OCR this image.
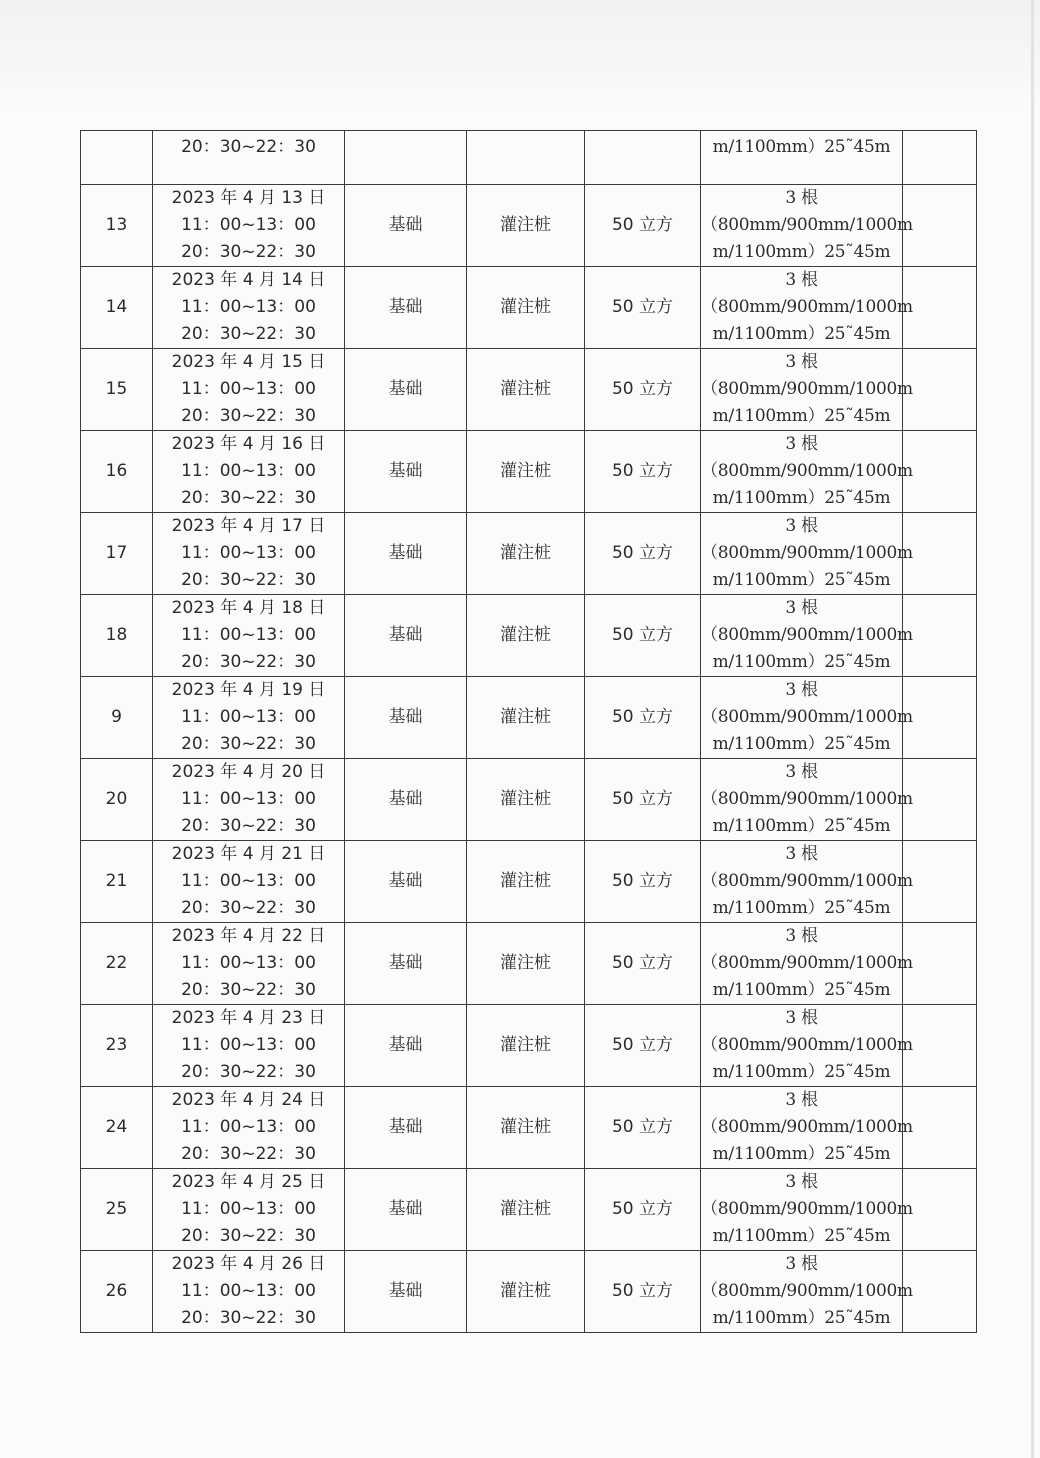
	20：30~22：30				m/1100mm）25˜45m	

13	2023 年 4 月 13 日
11：00~13：00
20：30~22：30	基础	灌注桩	50 立方	3 根
（800mm/900mm/1000m
m/1100mm）25˜45m	

14	2023 年 4 月 14 日
11：00~13：00
20：30~22：30	基础	灌注桩	50 立方	3 根
（800mm/900mm/1000m
m/1100mm）25˜45m	

15	2023 年 4 月 15 日
11：00~13：00
20：30~22：30	基础	灌注桩	50 立方	3 根
（800mm/900mm/1000m
m/1100mm）25˜45m	

16	2023 年 4 月 16 日
11：00~13：00
20：30~22：30	基础	灌注桩	50 立方	3 根
（800mm/900mm/1000m
m/1100mm）25˜45m	

17	2023 年 4 月 17 日
11：00~13：00
20：30~22：30	基础	灌注桩	50 立方	3 根
（800mm/900mm/1000m
m/1100mm）25˜45m	

18	2023 年 4 月 18 日
11：00~13：00
20：30~22：30	基础	灌注桩	50 立方	3 根
（800mm/900mm/1000m
m/1100mm）25˜45m	

9	2023 年 4 月 19 日
11：00~13：00
20：30~22：30	基础	灌注桩	50 立方	3 根
（800mm/900mm/1000m
m/1100mm）25˜45m	

20	2023 年 4 月 20 日
11：00~13：00
20：30~22：30	基础	灌注桩	50 立方	3 根
（800mm/900mm/1000m
m/1100mm）25˜45m	

21	2023 年 4 月 21 日
11：00~13：00
20：30~22：30	基础	灌注桩	50 立方	3 根
（800mm/900mm/1000m
m/1100mm）25˜45m	

22	2023 年 4 月 22 日
11：00~13：00
20：30~22：30	基础	灌注桩	50 立方	3 根
（800mm/900mm/1000m
m/1100mm）25˜45m	

23	2023 年 4 月 23 日
11：00~13：00
20：30~22：30	基础	灌注桩	50 立方	3 根
（800mm/900mm/1000m
m/1100mm）25˜45m	

24	2023 年 4 月 24 日
11：00~13：00
20：30~22：30	基础	灌注桩	50 立方	3 根
（800mm/900mm/1000m
m/1100mm）25˜45m	

25	2023 年 4 月 25 日
11：00~13：00
20：30~22：30	基础	灌注桩	50 立方	3 根
（800mm/900mm/1000m
m/1100mm）25˜45m	

26	2023 年 4 月 26 日
11：00~13：00
20：30~22：30	基础	灌注桩	50 立方	3 根
（800mm/900mm/1000m
m/1100mm）25˜45m	
